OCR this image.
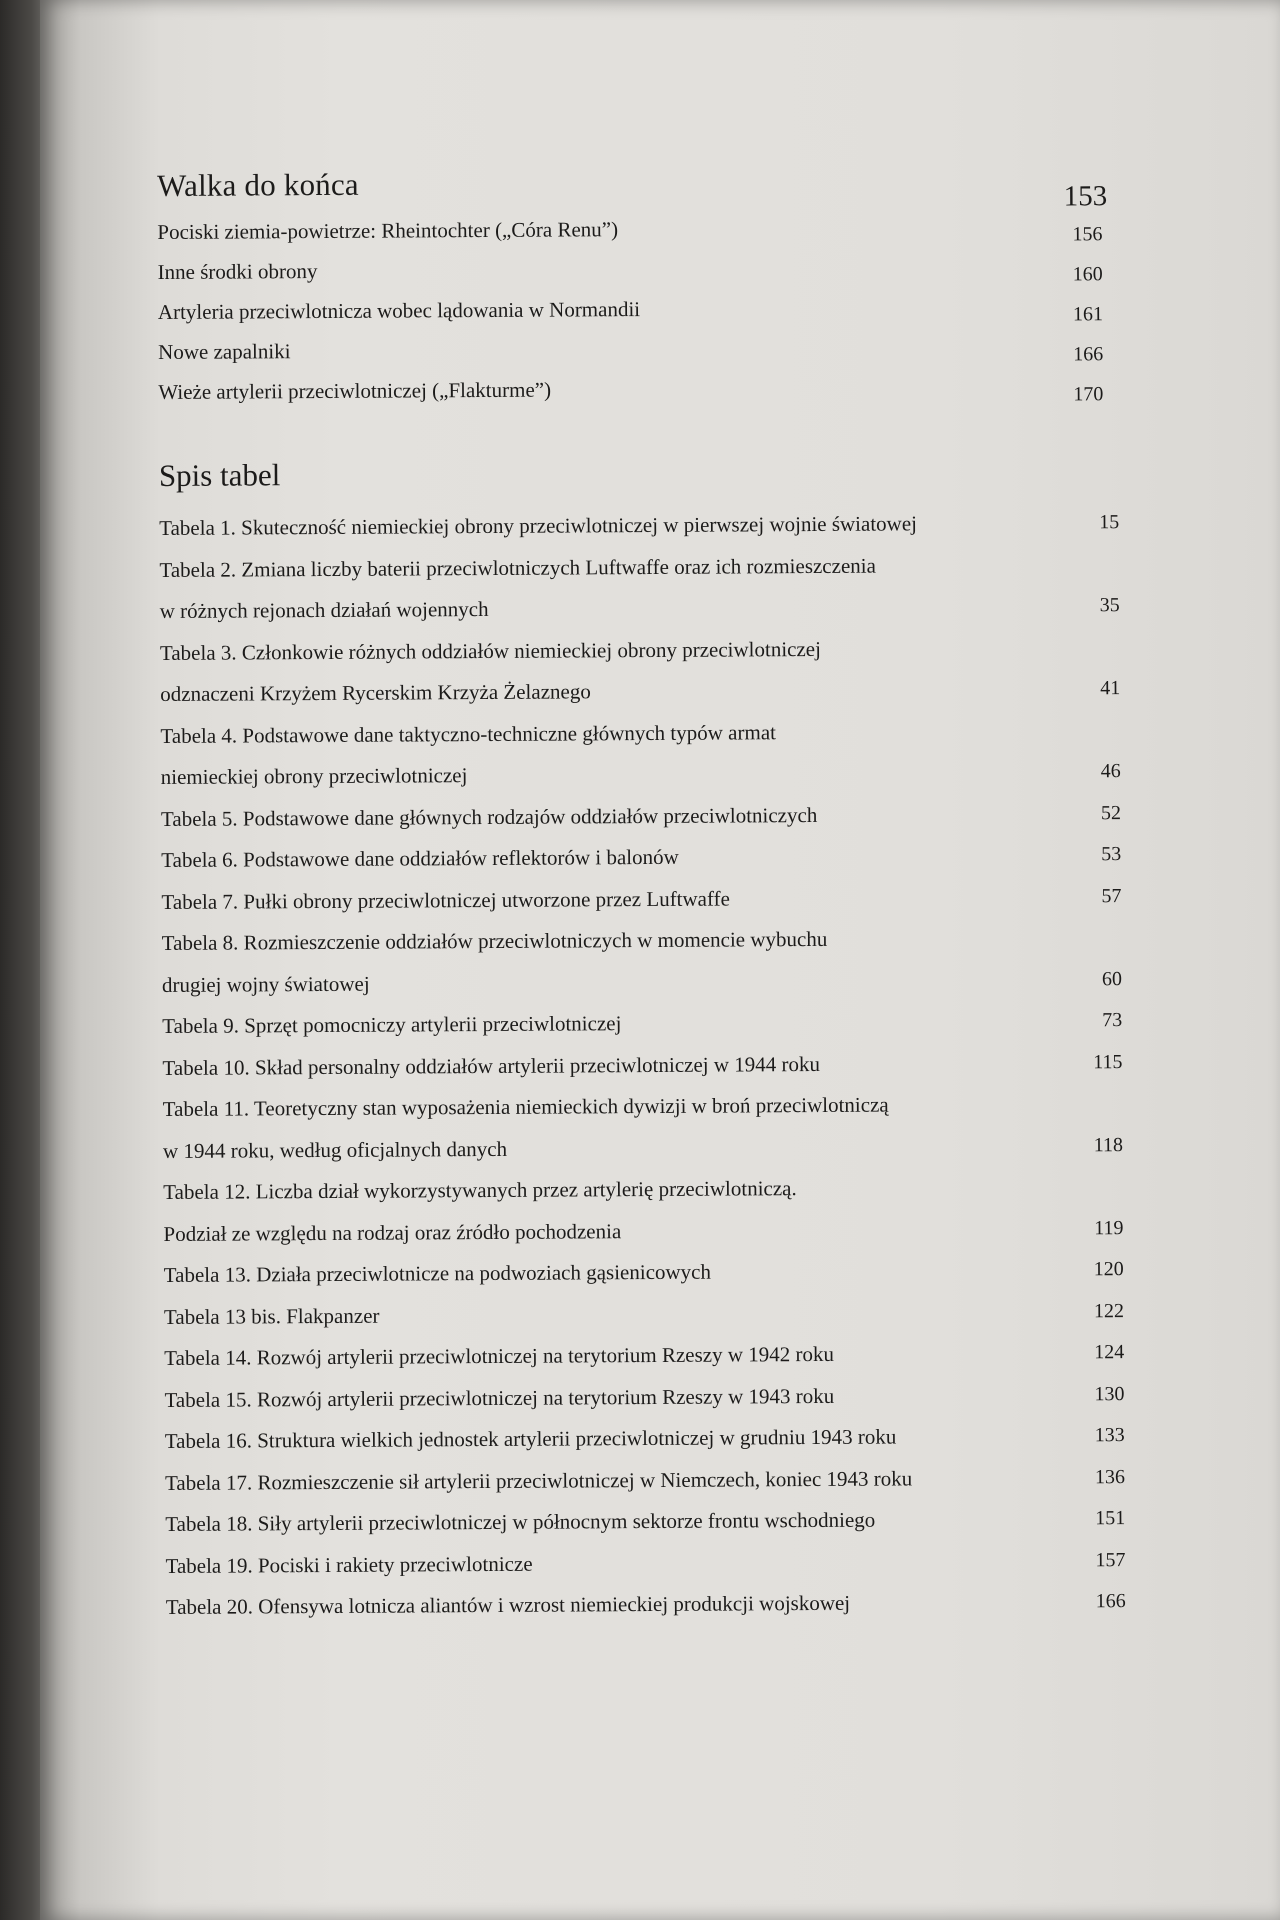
Walka do końca	153
Pociski ziemia-powietrze: Rheintochter („Córa Renu”)	156
Inne środki obrony	160
Artyleria przeciwlotnicza wobec lądowania w Normandii	161
Nowe zapalniki	166
Wieże artylerii przeciwlotniczej („Flakturme”)	170
Spis tabel
Tabela 1. Skuteczność niemieckiej obrony przeciwlotniczej w pierwszej wojnie światowej	15
Tabela 2. Zmiana liczby baterii przeciwlotniczych Luftwaffe oraz ich rozmieszczenia
w różnych rejonach działań wojennych	35
Tabela 3. Członkowie różnych oddziałów niemieckiej obrony przeciwlotniczej
odznaczeni Krzyżem Rycerskim Krzyża Żelaznego	41
Tabela 4. Podstawowe dane taktyczno-techniczne głównych typów armat
niemieckiej obrony przeciwlotniczej	46
Tabela 5. Podstawowe dane głównych rodzajów oddziałów przeciwlotniczych	52
Tabela 6. Podstawowe dane oddziałów reflektorów i balonów	53
Tabela 7. Pułki obrony przeciwlotniczej utworzone przez Luftwaffe	57
Tabela 8. Rozmieszczenie oddziałów przeciwlotniczych w momencie wybuchu
drugiej wojny światowej	60
Tabela 9. Sprzęt pomocniczy artylerii przeciwlotniczej	73
Tabela 10. Skład personalny oddziałów artylerii przeciwlotniczej w 1944 roku	115
Tabela 11. Teoretyczny stan wyposażenia niemieckich dywizji w broń przeciwlotniczą
w 1944 roku, według oficjalnych danych	118
Tabela 12. Liczba dział wykorzystywanych przez artylerię przeciwlotniczą.
Podział ze względu na rodzaj oraz źródło pochodzenia	119
Tabela 13. Działa przeciwlotnicze na podwoziach gąsienicowych	120
Tabela 13 bis. Flakpanzer	122
Tabela 14. Rozwój artylerii przeciwlotniczej na terytorium Rzeszy w 1942 roku	124
Tabela 15. Rozwój artylerii przeciwlotniczej na terytorium Rzeszy w 1943 roku	130
Tabela 16. Struktura wielkich jednostek artylerii przeciwlotniczej w grudniu 1943 roku	133
Tabela 17. Rozmieszczenie sił artylerii przeciwlotniczej w Niemczech, koniec 1943 roku	136
Tabela 18. Siły artylerii przeciwlotniczej w północnym sektorze frontu wschodniego	151
Tabela 19. Pociski i rakiety przeciwlotnicze	157
Tabela 20. Ofensywa lotnicza aliantów i wzrost niemieckiej produkcji wojskowej	166
